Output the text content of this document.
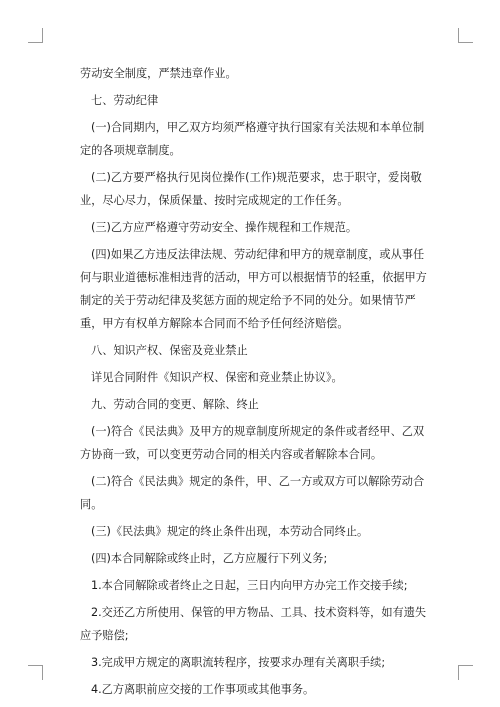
劳动安全制度，严禁违章作业。

七、劳动纪律

(一)合同期内，甲乙双方均须严格遵守执行国家有关法规和本单位制定的各项规章制度。

(二)乙方要严格执行见岗位操作(工作)规范要求，忠于职守，爱岗敬业，尽心尽力，保质保量、按时完成规定的工作任务。

(三)乙方应严格遵守劳动安全、操作规程和工作规范。

(四)如果乙方违反法律法规、劳动纪律和甲方的规章制度，或从事任何与职业道德标准相违背的活动，甲方可以根据情节的轻重，依据甲方制定的关于劳动纪律及奖惩方面的规定给予不同的处分。如果情节严重，甲方有权单方解除本合同而不给予任何经济赔偿。

八、知识产权、保密及竞业禁止

详见合同附件《知识产权、保密和竞业禁止协议》。

九、劳动合同的变更、解除、终止

(一)符合《民法典》及甲方的规章制度所规定的条件或者经甲、乙双方协商一致，可以变更劳动合同的相关内容或者解除本合同。

(二)符合《民法典》规定的条件，甲、乙一方或双方可以解除劳动合同。

(三)《民法典》规定的终止条件出现，本劳动合同终止。

(四)本合同解除或终止时，乙方应履行下列义务;

1.本合同解除或者终止之日起，三日内向甲方办完工作交接手续;

2.交还乙方所使用、保管的甲方物品、工具、技术资料等，如有遗失应予赔偿;

3.完成甲方规定的离职流转程序，按要求办理有关离职手续;

4.乙方离职前应交接的工作事项或其他事务。
